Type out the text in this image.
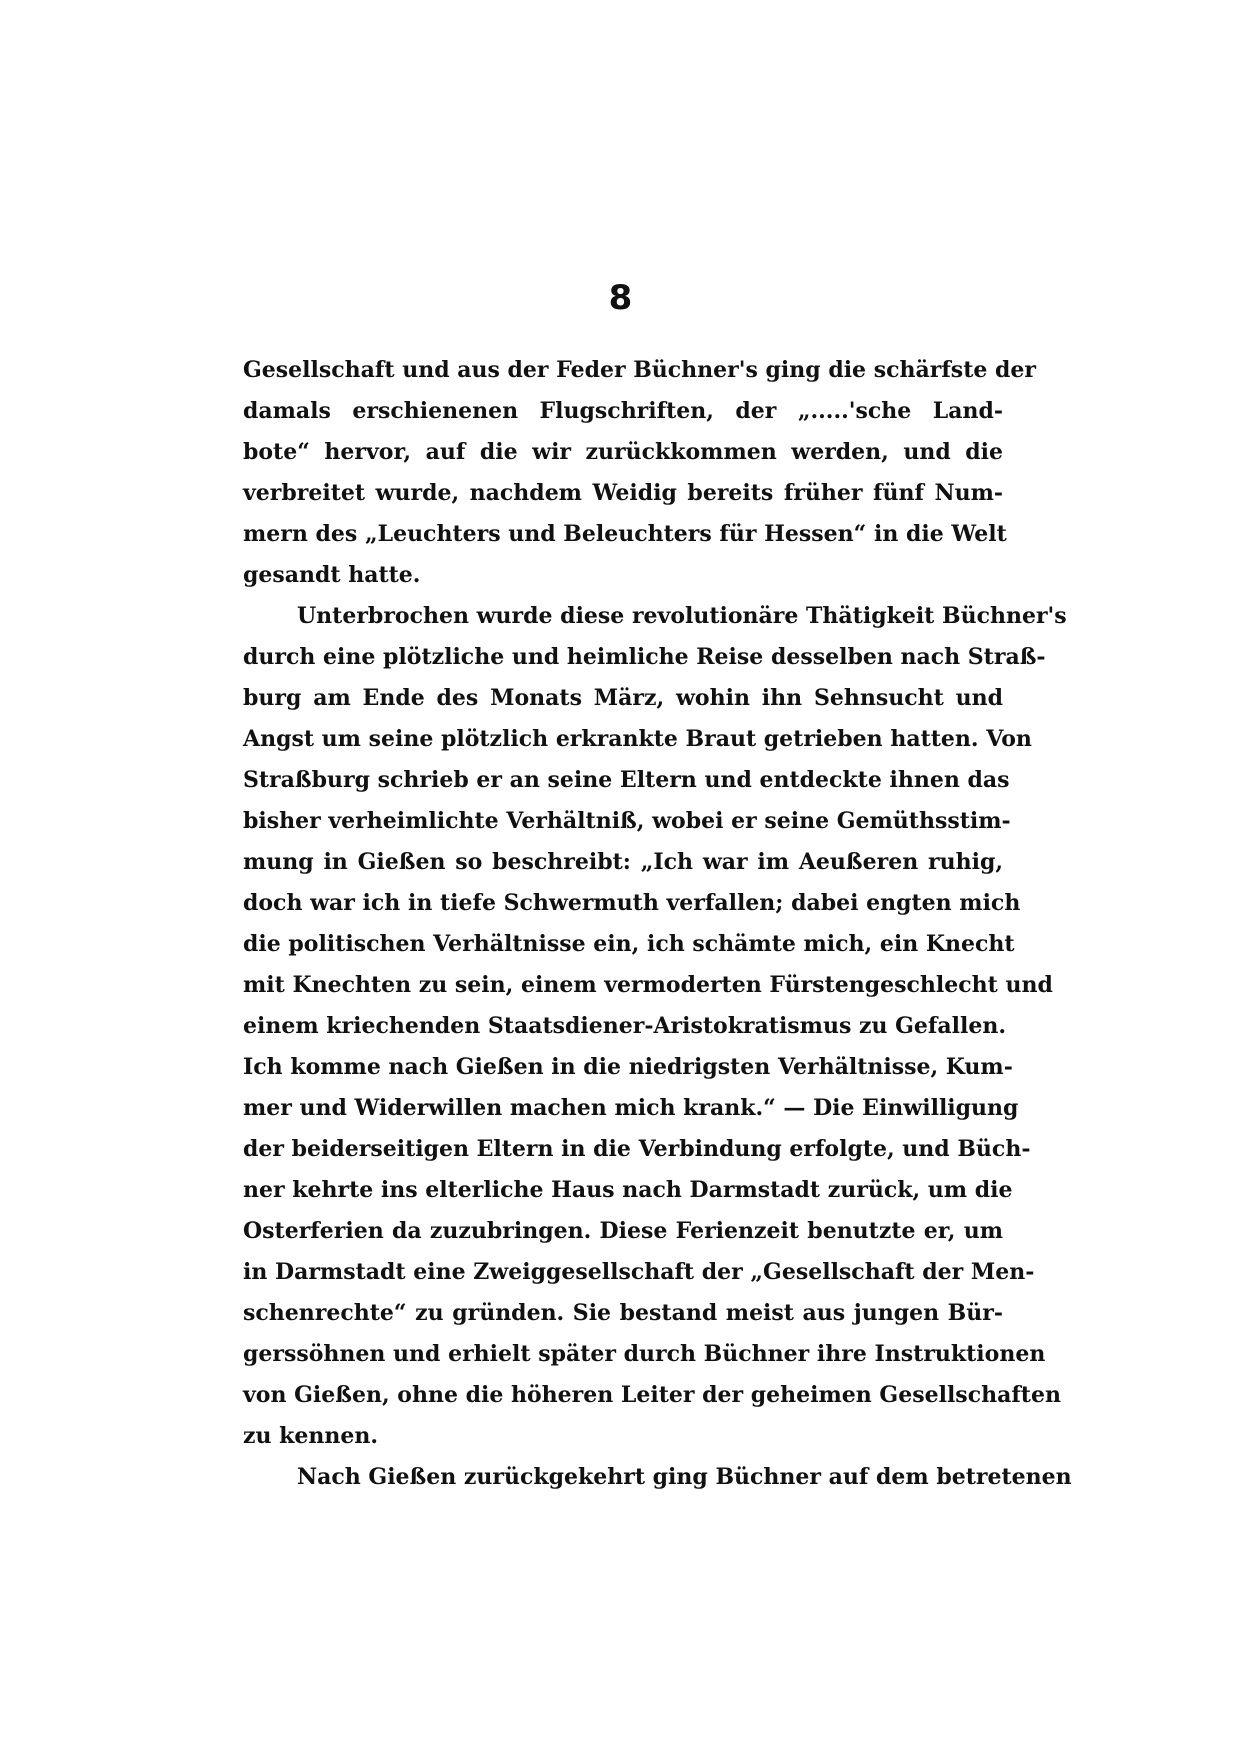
8
Gesellschaft und aus der Feder Büchner's ging die schärfste der
damals erschienenen Flugschriften, der „.....'sche Land-
bote“ hervor, auf die wir zurückkommen werden, und die
verbreitet wurde, nachdem Weidig bereits früher fünf Num-
mern des „Leuchters und Beleuchters für Hessen“ in die Welt
gesandt hatte.
Unterbrochen wurde diese revolutionäre Thätigkeit Büchner's
durch eine plötzliche und heimliche Reise desselben nach Straß-
burg am Ende des Monats März, wohin ihn Sehnsucht und
Angst um seine plötzlich erkrankte Braut getrieben hatten. Von
Straßburg schrieb er an seine Eltern und entdeckte ihnen das
bisher verheimlichte Verhältniß, wobei er seine Gemüthsstim-
mung in Gießen so beschreibt: „Ich war im Aeußeren ruhig,
doch war ich in tiefe Schwermuth verfallen; dabei engten mich
die politischen Verhältnisse ein, ich schämte mich, ein Knecht
mit Knechten zu sein, einem vermoderten Fürstengeschlecht und
einem kriechenden Staatsdiener-Aristokratismus zu Gefallen.
Ich komme nach Gießen in die niedrigsten Verhältnisse, Kum-
mer und Widerwillen machen mich krank.“ — Die Einwilligung
der beiderseitigen Eltern in die Verbindung erfolgte, und Büch-
ner kehrte ins elterliche Haus nach Darmstadt zurück, um die
Osterferien da zuzubringen. Diese Ferienzeit benutzte er, um
in Darmstadt eine Zweiggesellschaft der „Gesellschaft der Men-
schenrechte“ zu gründen. Sie bestand meist aus jungen Bür-
gerssöhnen und erhielt später durch Büchner ihre Instruktionen
von Gießen, ohne die höheren Leiter der geheimen Gesellschaften
zu kennen.
Nach Gießen zurückgekehrt ging Büchner auf dem betretenen
